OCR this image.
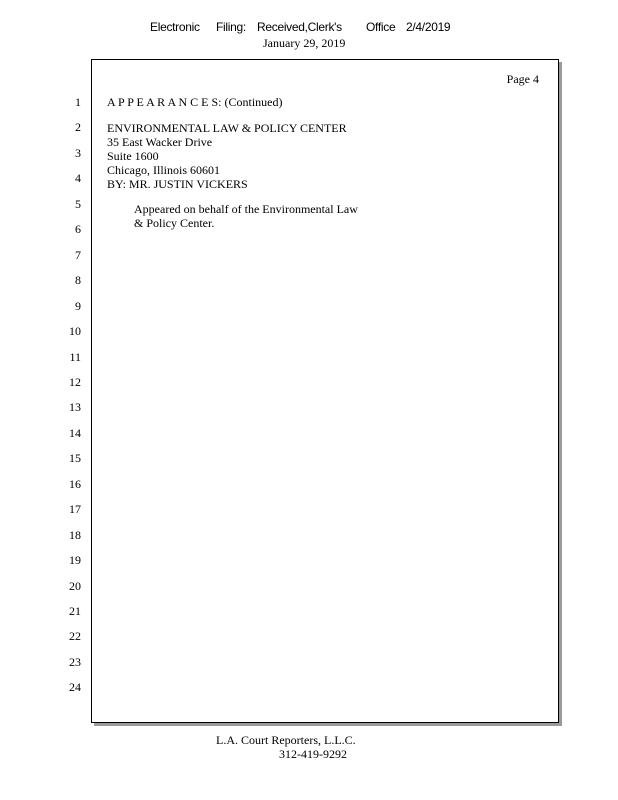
Electronic Filing: Received,Clerk's Office 2/4/2019
January 29, 2019
Page 4
1
2
3
4
5
6
7
8
9
10
11
12
13
14
15
16
17
18
19
20
21
22
23
24
A P P E A R A N C E S: (Continued)
ENVIRONMENTAL LAW & POLICY CENTER
35 East Wacker Drive
Suite 1600
Chicago, Illinois 60601
BY: MR. JUSTIN VICKERS
Appeared on behalf of the Environmental Law
& Policy Center.
L.A. Court Reporters, L.L.C.
312-419-9292
